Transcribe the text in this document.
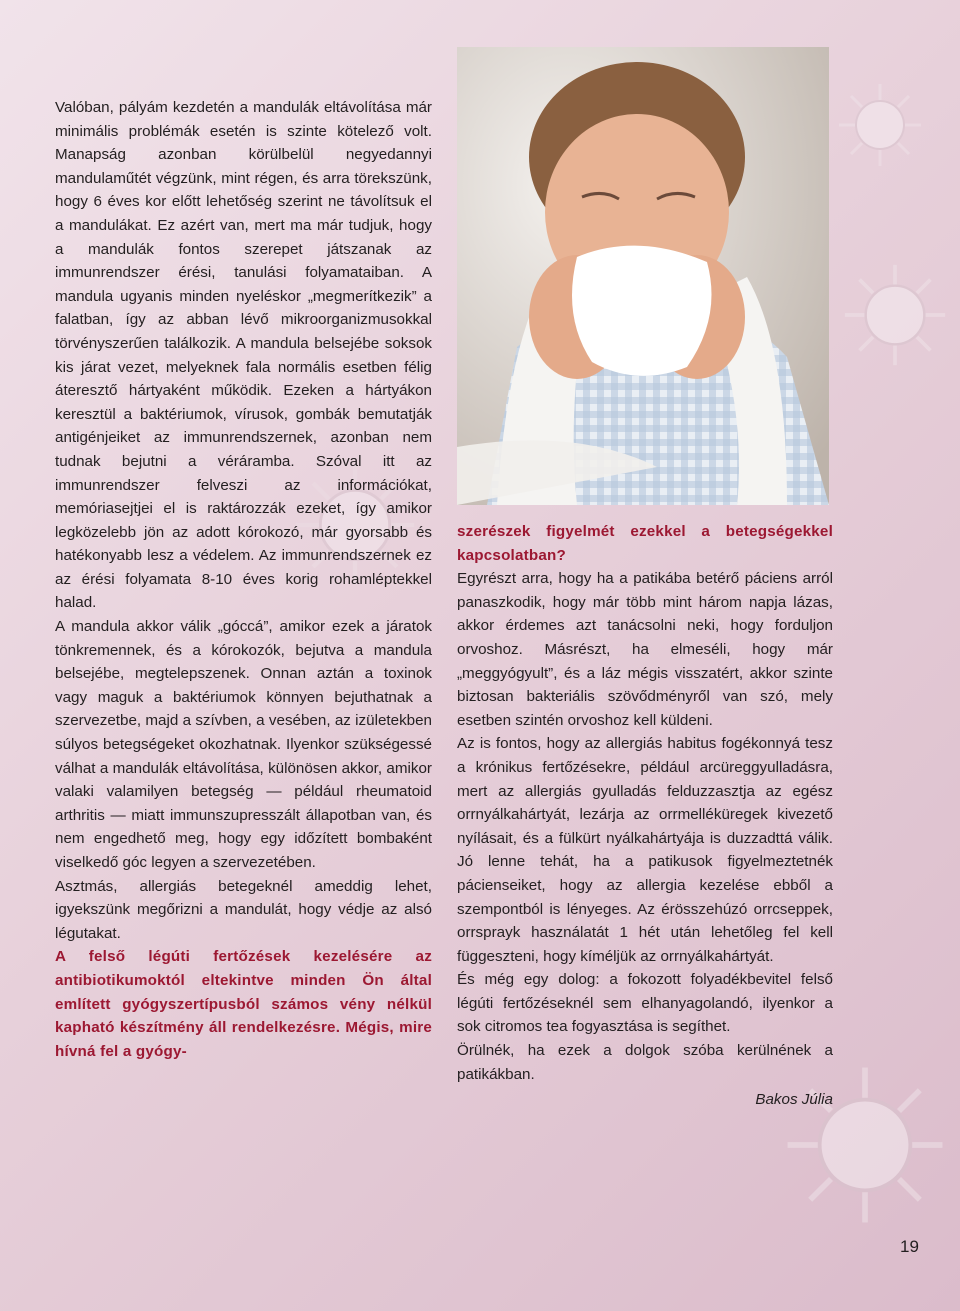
Valóban, pályám kezdetén a mandulák eltávolítása már minimális problémák esetén is szinte kötelező volt. Manapság azonban körülbelül negyedannyi mandulaműtét végzünk, mint régen, és arra törekszünk, hogy 6 éves kor előtt lehetőség szerint ne távolítsuk el a mandulákat. Ez azért van, mert ma már tudjuk, hogy a mandulák fontos szerepet játszanak az immunrendszer érési, tanulási folyamataiban. A mandula ugyanis minden nyeléskor „megmerítkezik” a falatban, így az abban lévő mikroorganizmusokkal törvényszerűen találkozik. A mandula belsejébe soksok kis járat vezet, melyeknek fala normális esetben félig áteresztő hártyaként működik. Ezeken a hártyákon keresztül a baktériumok, vírusok, gombák bemutatják antigénjeiket az immunrendszernek, azonban nem tudnak bejutni a véráramba. Szóval itt az immunrendszer felveszi az információkat, memóriasejtjei el is raktározzák ezeket, így amikor legközelebb jön az adott kórokozó, már gyorsabb és hatékonyabb lesz a védelem. Az immunrendszernek ez az érési folyamata 8-10 éves korig rohamléptekkel halad.

A mandula akkor válik „góccá”, amikor ezek a járatok tönkremennek, és a kórokozók, bejutva a mandula belsejébe, megtelepszenek. Onnan aztán a toxinok vagy maguk a baktériumok könnyen bejuthatnak a szervezetbe, majd a szívben, a vesében, az izületekben súlyos betegségeket okozhatnak. Ilyenkor szükségessé válhat a mandulák eltávolítása, különösen akkor, amikor valaki valamilyen betegség — például rheumatoid arthritis — miatt immunszupresszált állapotban van, és nem engedhető meg, hogy egy időzített bombaként viselkedő góc legyen a szervezetében.

Asztmás, allergiás betegeknél ameddig lehet, igyekszünk megőrizni a mandulát, hogy védje az alsó légutakat.

A felső légúti fertőzések kezelésére az antibiotikumoktól eltekintve minden Ön által említett gyógyszertípusból számos vény nélkül kapható készítmény áll rendelkezésre. Mégis, mire hívná fel a gyógy-

szerészek figyelmét ezekkel a betegségekkel kapcsolatban?

Egyrészt arra, hogy ha a patikába betérő páciens arról panaszkodik, hogy már több mint három napja lázas, akkor érdemes azt tanácsolni neki, hogy forduljon orvoshoz. Másrészt, ha elmeséli, hogy már „meggyógyult”, és a láz mégis visszatért, akkor szinte biztosan bakteriális szövődményről van szó, mely esetben szintén orvoshoz kell küldeni.

Az is fontos, hogy az allergiás habitus fogékonnyá tesz a krónikus fertőzésekre, például arcüreggyulladásra, mert az allergiás gyulladás felduzzasztja az egész orrnyálkahártyát, lezárja az orrmelléküregek kivezető nyílásait, és a fülkürt nyálkahártyája is duzzadttá válik. Jó lenne tehát, ha a patikusok figyelmeztetnék pácienseiket, hogy az allergia kezelése ebből a szempontból is lényeges. Az érösszehúzó orrcseppek, orrsprayk használatát 1 hét után lehetőleg fel kell függeszteni, hogy kíméljük az orrnyálkahártyát.

És még egy dolog: a fokozott folyadékbevitel felső légúti fertőzéseknél sem elhanyagolandó, ilyenkor a sok citromos tea fogyasztása is segíthet.

Örülnék, ha ezek a dolgok szóba kerülnének a patikákban.

Bakos Júlia

19
